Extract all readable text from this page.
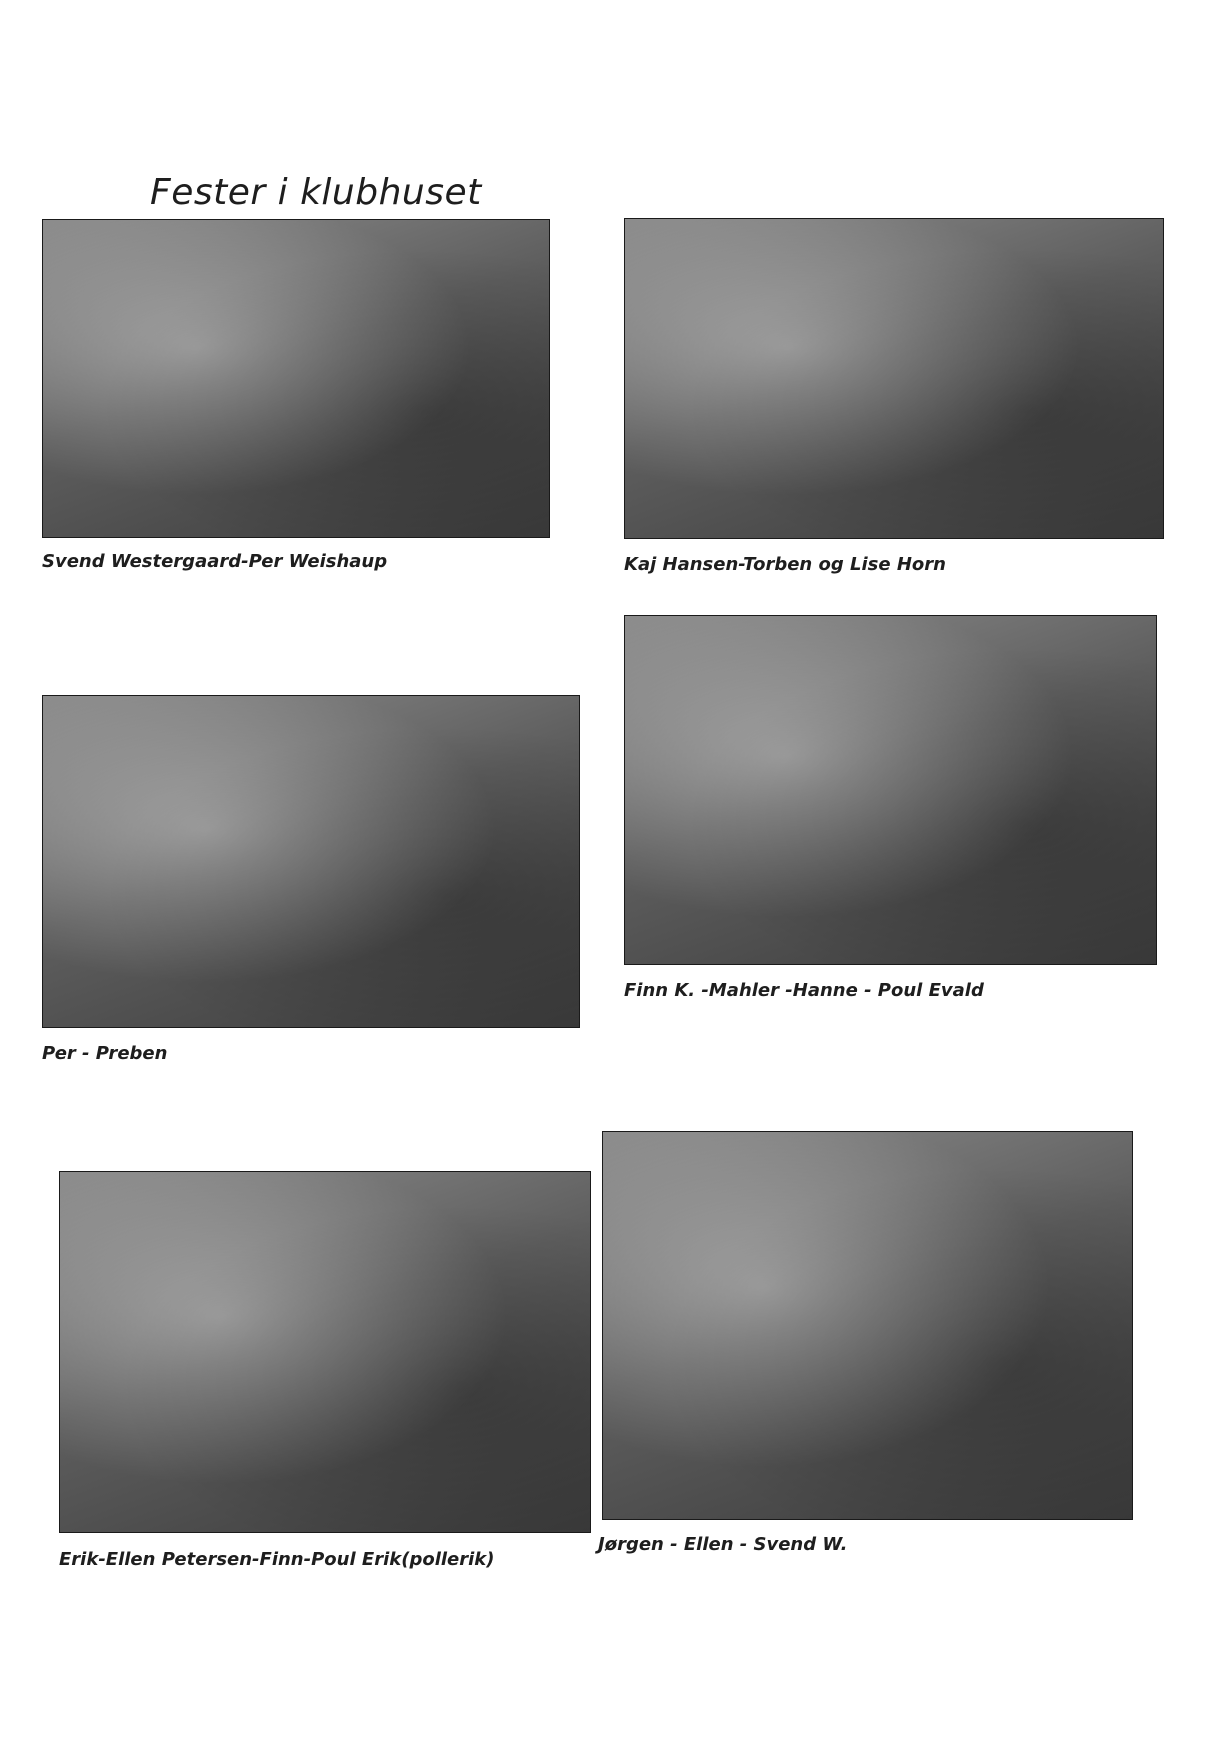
Fester i klubhuset
Svend Westergaard-Per Weishaup	Kaj Hansen-Torben og Lise Horn
Finn K. -Mahler -Hanne - Poul Evald
Per - Preben
Jørgen - Ellen - Svend W.
Erik-Ellen Petersen-Finn-Poul Erik(pollerik)
